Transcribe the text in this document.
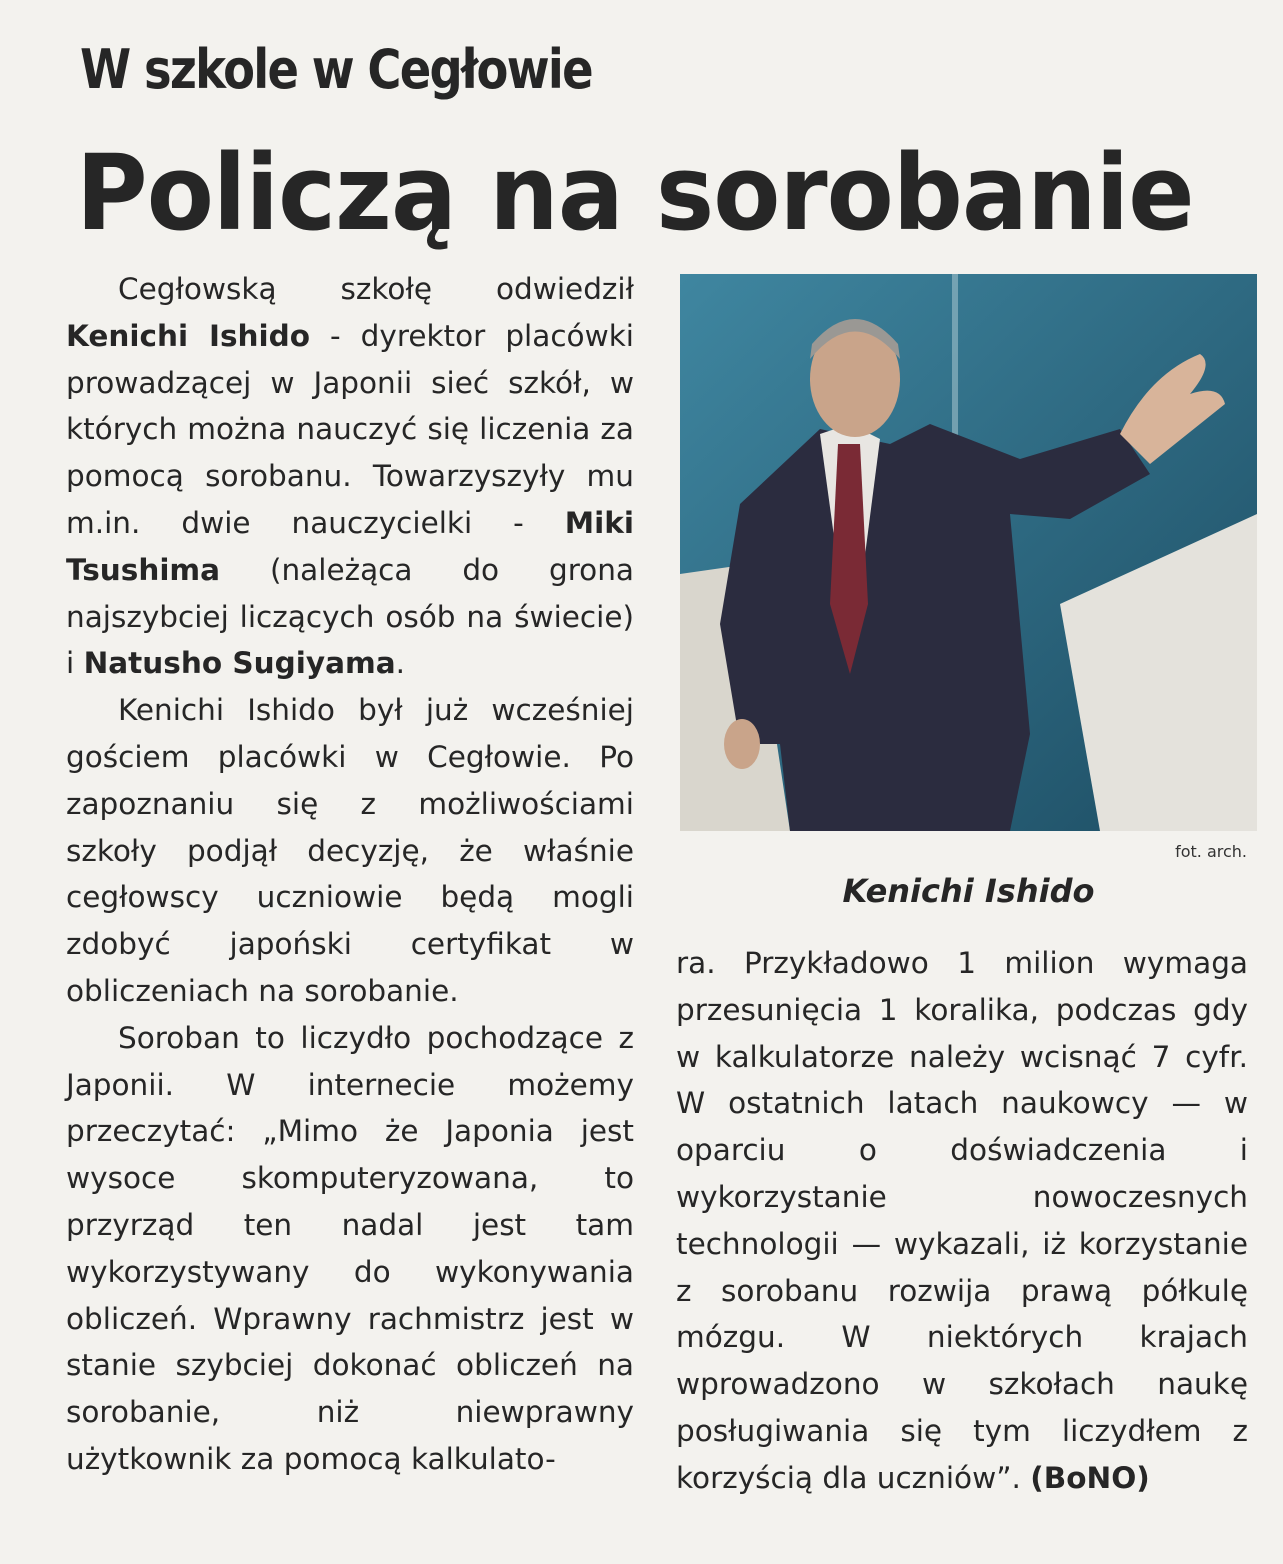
W szkole w Cegłowie
Policzą na sorobanie

Cegłowską szkołę odwiedził Kenichi Ishido - dyrektor placówki prowadzącej w Japonii sieć szkół, w których można nauczyć się liczenia za pomocą sorobanu. Towarzyszyły mu m.in. dwie nauczycielki - Miki Tsushima (należąca do grona najszybciej liczących osób na świecie) i Natusho Sugiyama.

Kenichi Ishido był już wcześniej gościem placówki w Cegłowie. Po zapoznaniu się z możliwościami szkoły podjął decyzję, że właśnie cegłowscy uczniowie będą mogli zdobyć japoński certyfikat w obliczeniach na sorobanie.

Soroban to liczydło pochodzące z Japonii. W internecie możemy przeczytać: „Mimo że Japonia jest wysoce skomputeryzowana, to przyrząd ten nadal jest tam wykorzystywany do wykonywania obliczeń. Wprawny rachmistrz jest w stanie szybciej dokonać obliczeń na sorobanie, niż niewprawny użytkownik za pomocą kalkulato-

fot. arch.
Kenichi Ishido

ra. Przykładowo 1 milion wymaga przesunięcia 1 koralika, podczas gdy w kalkulatorze należy wcisnąć 7 cyfr. W ostatnich latach naukowcy — w oparciu o doświadczenia i wykorzystanie nowoczesnych technologii — wykazali, iż korzystanie z sorobanu rozwija prawą półkulę mózgu. W niektórych krajach wprowadzono w szkołach naukę posługiwania się tym liczydłem z korzyścią dla uczniów”. (BoNO)
